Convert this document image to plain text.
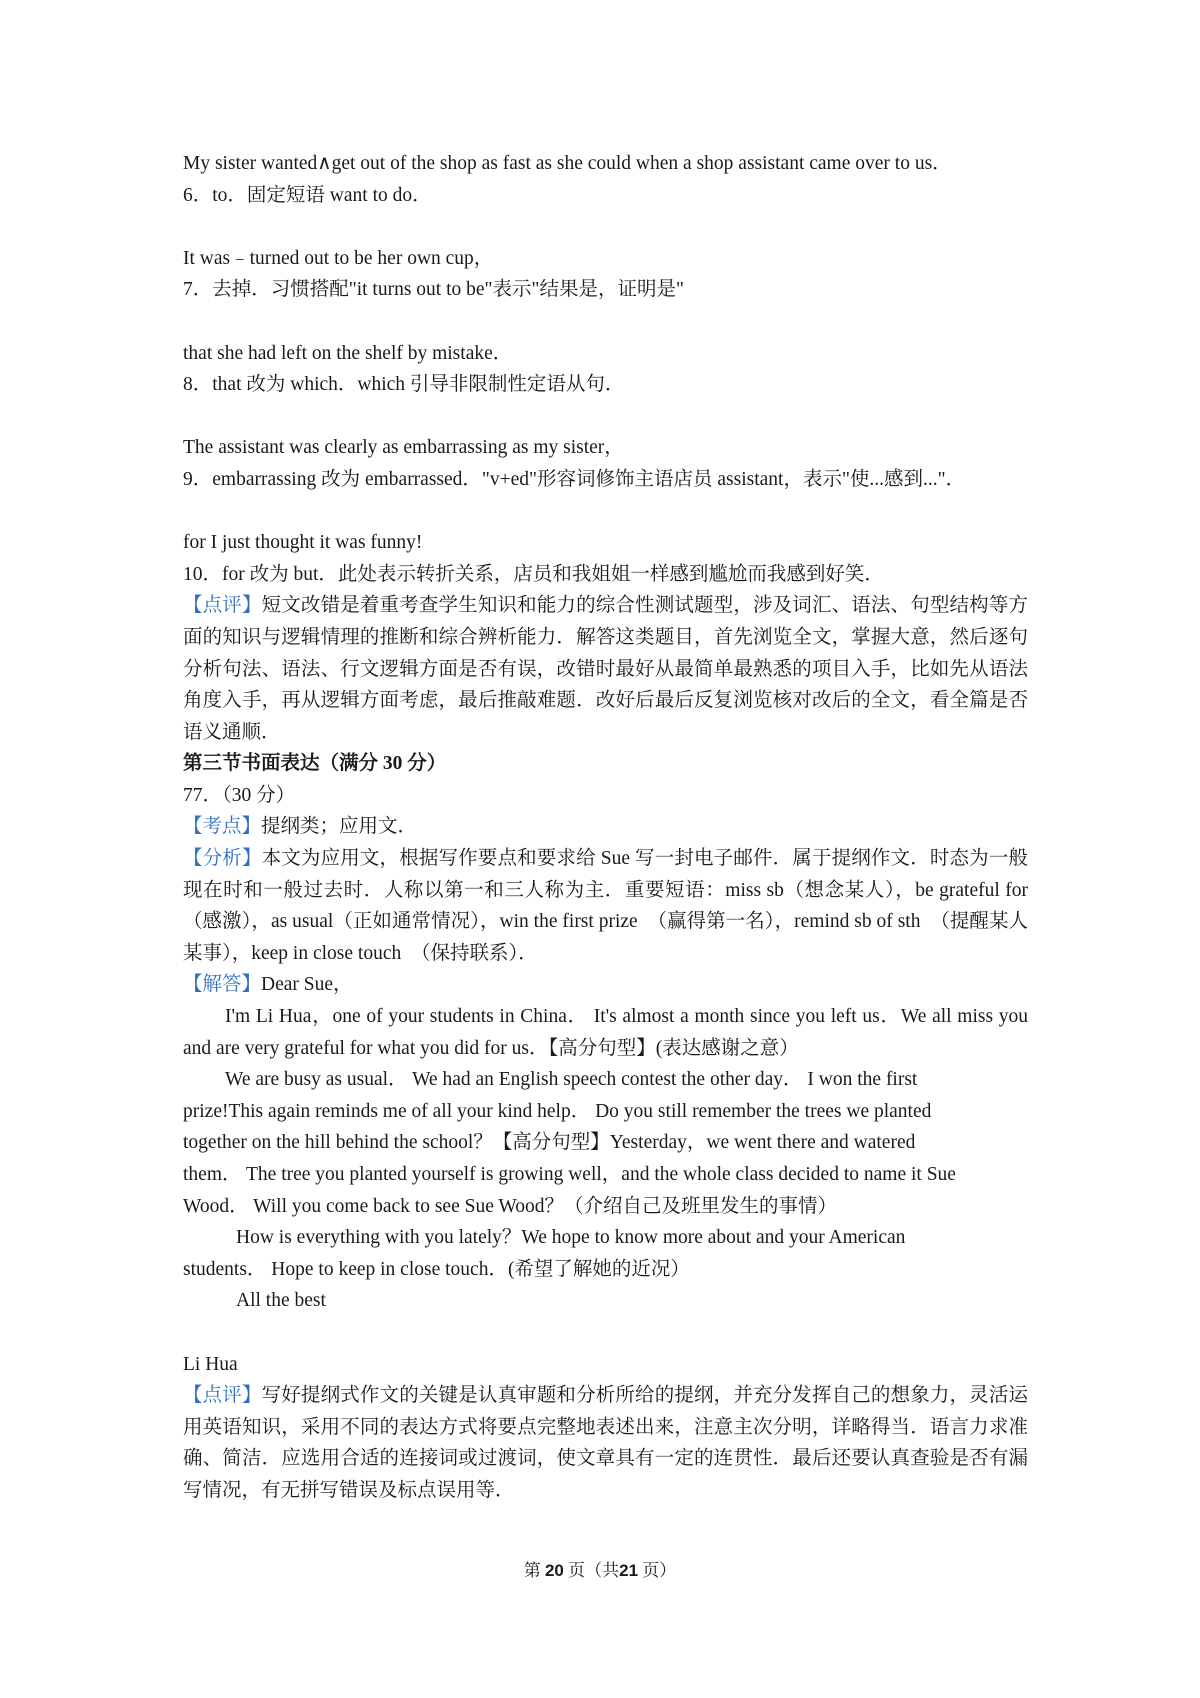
My sister wanted∧get out of the shop as fast as she could when a shop assistant came over to us．
6．to．固定短语 want to do．
It was﹣turned out to be her own cup，
7．去掉．习惯搭配"it turns out to be"表示"结果是，证明是"
that she had left on the shelf by mistake．
8．that 改为 which．which 引导非限制性定语从句．
The assistant was clearly as embarrassing as my sister，
9．embarrassing 改为 embarrassed．"v+ed"形容词修饰主语店员 assistant，表示"使...感到..."．
for I just thought it was funny!
10．for 改为 but．此处表示转折关系，店员和我姐姐一样感到尴尬而我感到好笑．
【点评】短文改错是着重考查学生知识和能力的综合性测试题型，涉及词汇、语法、句型结构等方面的知识与逻辑情理的推断和综合辨析能力．解答这类题目，首先浏览全文，掌握大意，然后逐句分析句法、语法、行文逻辑方面是否有误，改错时最好从最简单最熟悉的项目入手，比如先从语法角度入手，再从逻辑方面考虑，最后推敲难题．改好后最后反复浏览核对改后的全文，看全篇是否语义通顺．
第三节书面表达（满分 30 分）
77．（30 分）
【考点】提纲类；应用文．
【分析】本文为应用文，根据写作要点和要求给 Sue 写一封电子邮件．属于提纲作文．时态为一般现在时和一般过去时．人称以第一和三人称为主．重要短语：miss sb（想念某人），be grateful for（感激），as usual（正如通常情况），win the first prize　（赢得第一名），remind sb of sth　（提醒某人某事），keep in close touch　（保持联系）．
【解答】Dear Sue，
I'm Li Hua，one of your students in China． It's almost a month since you left us．We all miss you and are very grateful for what you did for us．【高分句型】(表达感谢之意）
We are busy as usual． We had an English speech contest the other day． I won the first
prize!This again reminds me of all your kind help． Do you still remember the trees we planted
together on the hill behind the school？【高分句型】Yesterday，we went there and watered
them． The tree you planted yourself is growing well，and the whole class decided to name it Sue
Wood． Will you come back to see Sue Wood？（介绍自己及班里发生的事情）
How is everything with you lately？We hope to know more about and your American
students． Hope to keep in close touch．(希望了解她的近况）
All the best
Li Hua
【点评】写好提纲式作文的关键是认真审题和分析所给的提纲，并充分发挥自己的想象力，灵活运用英语知识，采用不同的表达方式将要点完整地表述出来，注意主次分明，详略得当．语言力求准确、简洁．应选用合适的连接词或过渡词，使文章具有一定的连贯性．最后还要认真查验是否有漏写情况，有无拼写错误及标点误用等．
第 20 页（共21 页）
